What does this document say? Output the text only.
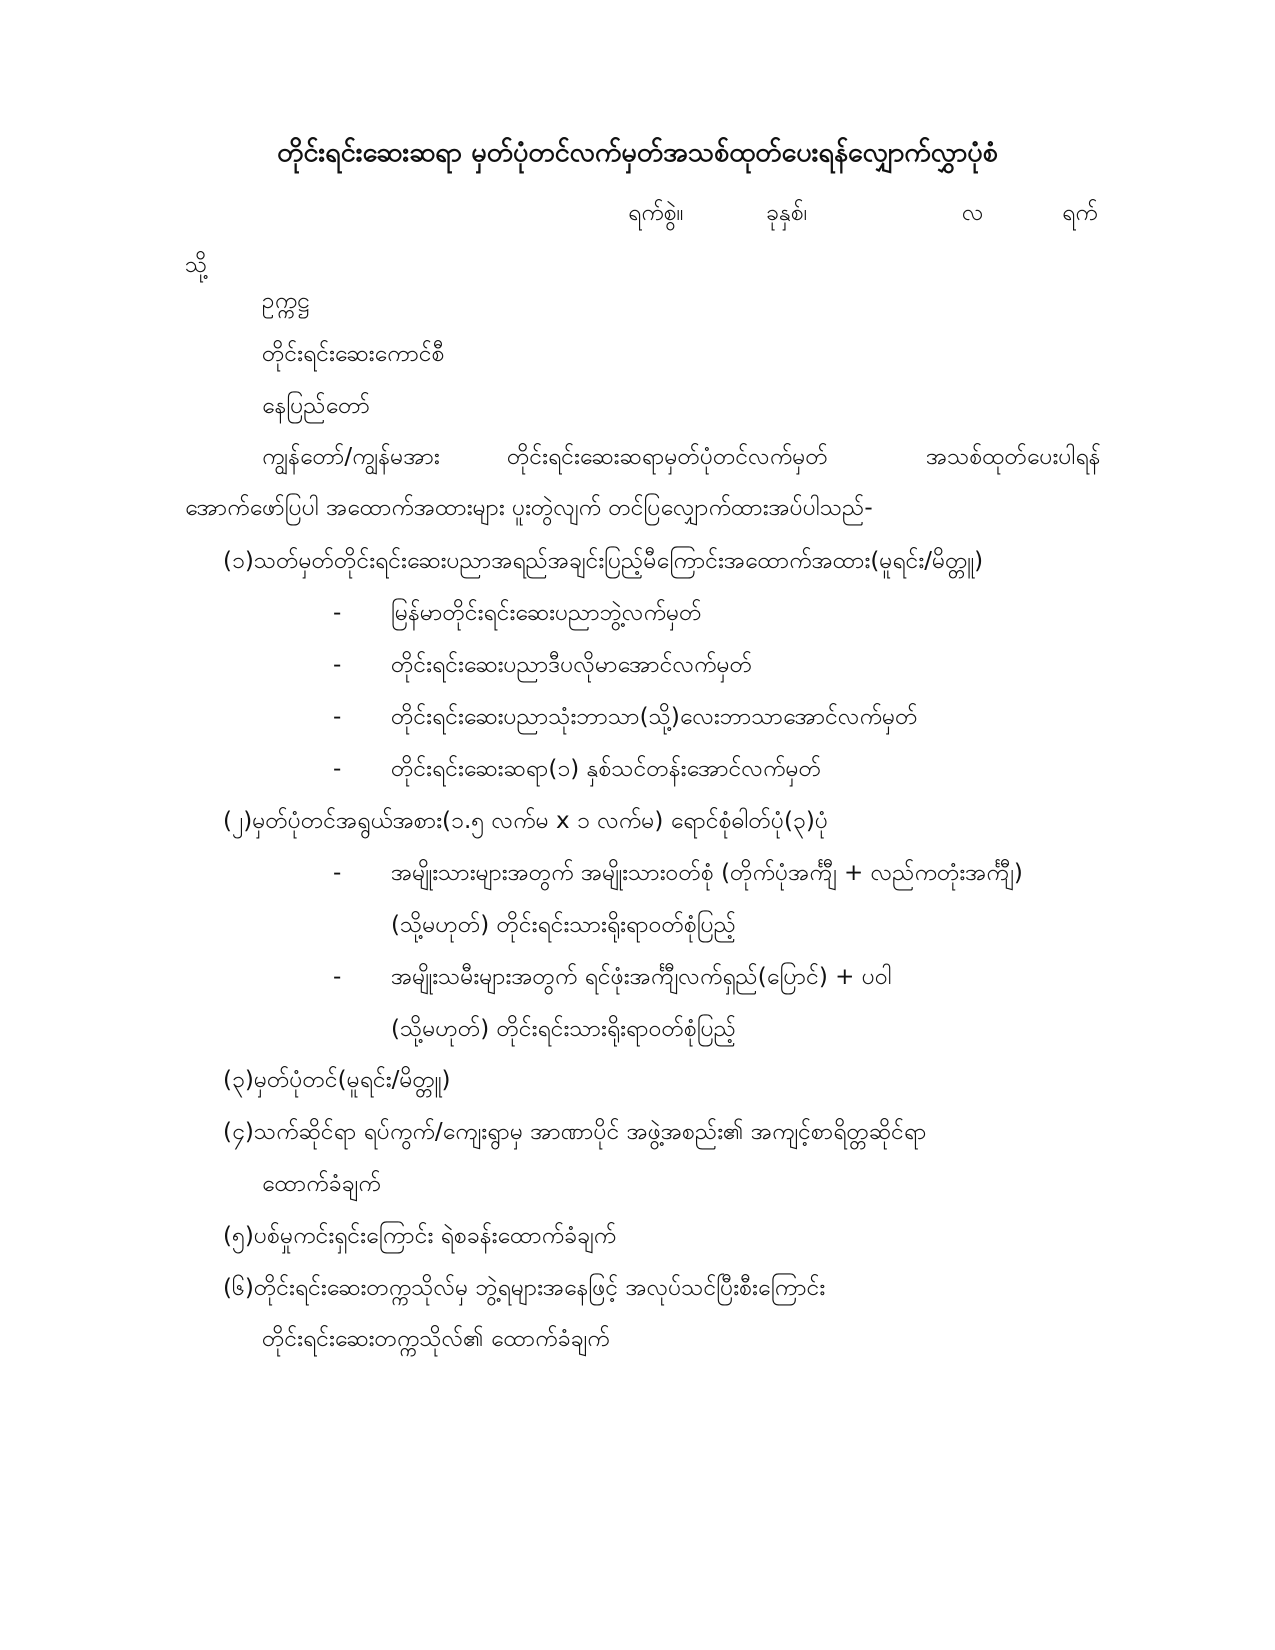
တိုင်းရင်းဆေးဆရာ မှတ်ပုံတင်လက်မှတ်အသစ်ထုတ်ပေးရန်လျှောက်လွှာပုံစံ
ရက်စွဲ။	ခုနှစ်၊	လ	ရက်
သို့
ဥက္ကဋ္ဌ
တိုင်းရင်းဆေးကောင်စီ
နေပြည်တော်
ကျွန်တော်/ကျွန်မအား	တိုင်းရင်းဆေးဆရာမှတ်ပုံတင်လက်မှတ်	အသစ်ထုတ်ပေးပါရန်
အောက်ဖော်ပြပါ အထောက်အထားများ ပူးတွဲလျက် တင်ပြလျှောက်ထားအပ်ပါသည်-
(၁)သတ်မှတ်တိုင်းရင်းဆေးပညာအရည်အချင်းပြည့်မီကြောင်းအထောက်အထား(မူရင်း/မိတ္တူ)
- မြန်မာတိုင်းရင်းဆေးပညာဘွဲ့လက်မှတ်
- တိုင်းရင်းဆေးပညာဒီပလိုမာအောင်လက်မှတ်
- တိုင်းရင်းဆေးပညာသုံးဘာသာ(သို့)လေးဘာသာအောင်လက်မှတ်
- တိုင်းရင်းဆေးဆရာ(၁) နှစ်သင်တန်းအောင်လက်မှတ်
(၂)မှတ်ပုံတင်အရွယ်အစား(၁.၅ လက်မ x ၁ လက်မ) ရောင်စုံဓါတ်ပုံ(၃)ပုံ
- အမျိုးသားများအတွက် အမျိုးသားဝတ်စုံ (တိုက်ပုံအင်္ကျီ + လည်ကတုံးအင်္ကျီ)
(သို့မဟုတ်) တိုင်းရင်းသားရိုးရာဝတ်စုံပြည့်
- အမျိုးသမီးများအတွက် ရင်ဖုံးအင်္ကျီလက်ရှည်(ပြောင်) + ပဝါ
(သို့မဟုတ်) တိုင်းရင်းသားရိုးရာဝတ်စုံပြည့်
(၃)မှတ်ပုံတင်(မူရင်း/မိတ္တူ)
(၄)သက်ဆိုင်ရာ ရပ်ကွက်/ကျေးရွာမှ အာဏာပိုင် အဖွဲ့အစည်း၏ အကျင့်စာရိတ္တဆိုင်ရာ
ထောက်ခံချက်
(၅)ပစ်မှုကင်းရှင်းကြောင်း ရဲစခန်းထောက်ခံချက်
(၆)တိုင်းရင်းဆေးတက္ကသိုလ်မှ ဘွဲ့ရများအနေဖြင့် အလုပ်သင်ပြီးစီးကြောင်း
တိုင်းရင်းဆေးတက္ကသိုလ်၏ ထောက်ခံချက်
